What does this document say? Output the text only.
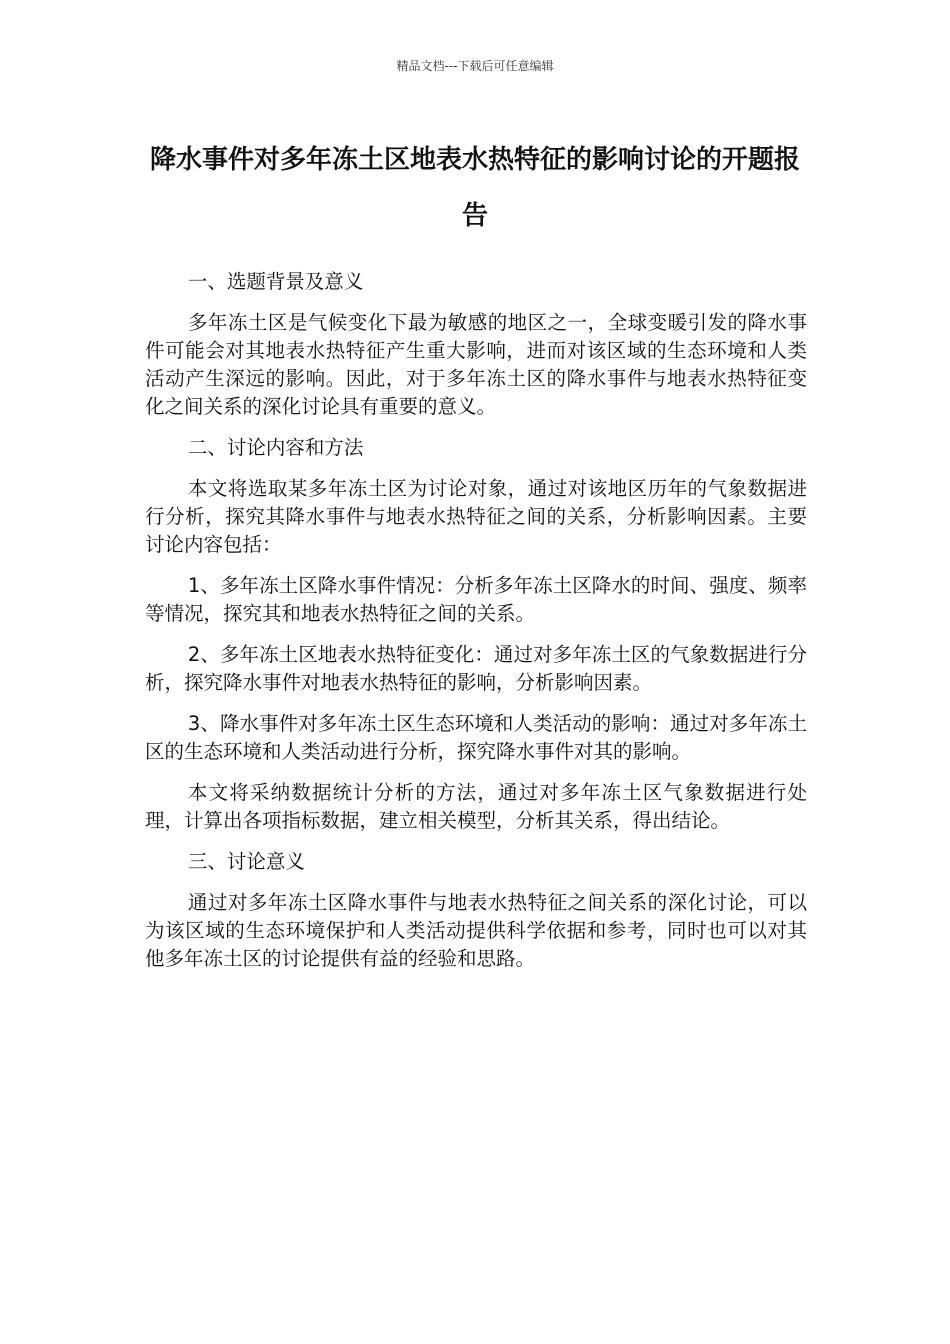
精品文档---下载后可任意编辑
降水事件对多年冻土区地表水热特征的影响讨论的开题报告

一、选题背景及意义

多年冻土区是气候变化下最为敏感的地区之一，全球变暖引发的降水事件可能会对其地表水热特征产生重大影响，进而对该区域的生态环境和人类活动产生深远的影响。因此，对于多年冻土区的降水事件与地表水热特征变化之间关系的深化讨论具有重要的意义。

二、讨论内容和方法

本文将选取某多年冻土区为讨论对象，通过对该地区历年的气象数据进行分析，探究其降水事件与地表水热特征之间的关系，分析影响因素。主要讨论内容包括：

1、多年冻土区降水事件情况：分析多年冻土区降水的时间、强度、频率等情况，探究其和地表水热特征之间的关系。

2、多年冻土区地表水热特征变化：通过对多年冻土区的气象数据进行分析，探究降水事件对地表水热特征的影响，分析影响因素。

3、降水事件对多年冻土区生态环境和人类活动的影响：通过对多年冻土区的生态环境和人类活动进行分析，探究降水事件对其的影响。

本文将采纳数据统计分析的方法，通过对多年冻土区气象数据进行处理，计算出各项指标数据，建立相关模型，分析其关系，得出结论。

三、讨论意义

通过对多年冻土区降水事件与地表水热特征之间关系的深化讨论，可以为该区域的生态环境保护和人类活动提供科学依据和参考，同时也可以对其他多年冻土区的讨论提供有益的经验和思路。
